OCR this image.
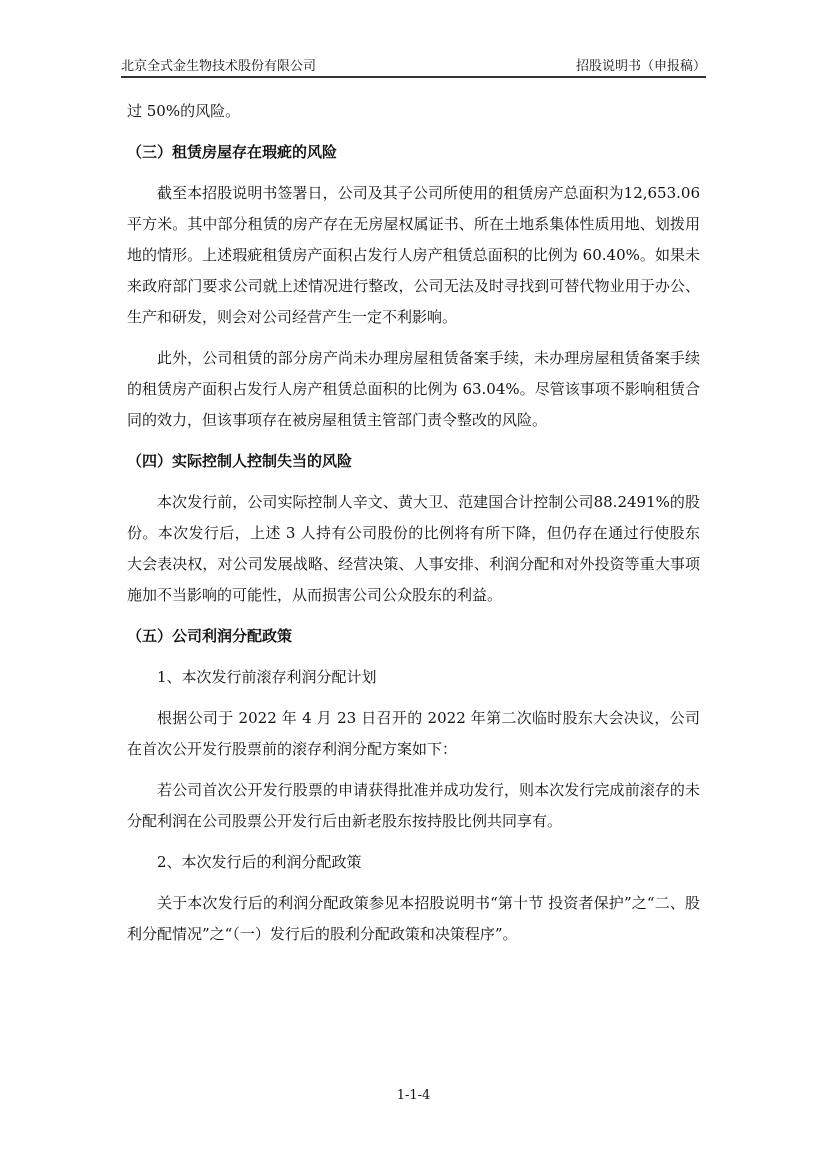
北京全式金生物技术股份有限公司	招股说明书（申报稿）

过 50%的风险。

（三）租赁房屋存在瑕疵的风险

截至本招股说明书签署日，公司及其子公司所使用的租赁房产总面积为12,653.06 平方米。其中部分租赁的房产存在无房屋权属证书、所在土地系集体性质用地、划拨用地的情形。上述瑕疵租赁房产面积占发行人房产租赁总面积的比例为 60.40%。如果未来政府部门要求公司就上述情况进行整改，公司无法及时寻找到可替代物业用于办公、生产和研发，则会对公司经营产生一定不利影响。

此外，公司租赁的部分房产尚未办理房屋租赁备案手续，未办理房屋租赁备案手续的租赁房产面积占发行人房产租赁总面积的比例为 63.04%。尽管该事项不影响租赁合同的效力，但该事项存在被房屋租赁主管部门责令整改的风险。

（四）实际控制人控制失当的风险

本次发行前，公司实际控制人辛文、黄大卫、范建国合计控制公司88.2491%的股份。本次发行后，上述 3 人持有公司股份的比例将有所下降，但仍存在通过行使股东大会表决权，对公司发展战略、经营决策、人事安排、利润分配和对外投资等重大事项施加不当影响的可能性，从而损害公司公众股东的利益。

（五）公司利润分配政策

1、本次发行前滚存利润分配计划

根据公司于 2022 年 4 月 23 日召开的 2022 年第二次临时股东大会决议，公司在首次公开发行股票前的滚存利润分配方案如下：

若公司首次公开发行股票的申请获得批准并成功发行，则本次发行完成前滚存的未分配利润在公司股票公开发行后由新老股东按持股比例共同享有。

2、本次发行后的利润分配政策

关于本次发行后的利润分配政策参见本招股说明书“第十节 投资者保护”之“二、股利分配情况”之“（一）发行后的股利分配政策和决策程序”。

1-1-4
